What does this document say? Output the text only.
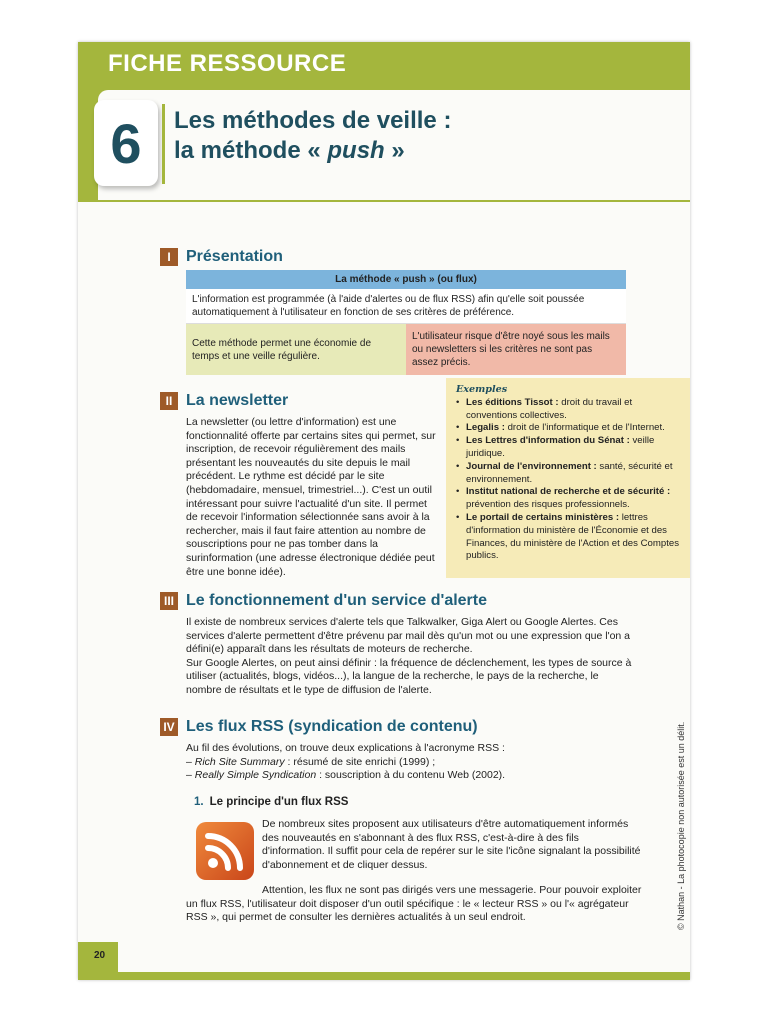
FICHE RESSOURCE
6	Les méthodes de veille :
la méthode « push »
I Présentation
La méthode « push » (ou flux)
L'information est programmée (à l'aide d'alertes ou de flux RSS) afin qu'elle soit poussée automatiquement à l'utilisateur en fonction de ses critères de préférence.
Cette méthode permet une économie de temps et une veille régulière.
L'utilisateur risque d'être noyé sous les mails ou newsletters si les critères ne sont pas assez précis.
II La newsletter
La newsletter (ou lettre d'information) est une fonctionnalité offerte par certains sites qui permet, sur inscription, de recevoir régulièrement des mails présentant les nouveautés du site depuis le mail précédent. Le rythme est décidé par le site (hebdomadaire, mensuel, trimestriel...). C'est un outil intéressant pour suivre l'actualité d'un site. Il permet de recevoir l'information sélectionnée sans avoir à la rechercher, mais il faut faire attention au nombre de souscriptions pour ne pas tomber dans la surinformation (une adresse électronique dédiée peut être une bonne idée).
Exemples
• Les éditions Tissot : droit du travail et conventions collectives.
• Legalis : droit de l'informatique et de l'Internet.
• Les Lettres d'information du Sénat : veille juridique.
• Journal de l'environnement : santé, sécurité et environnement.
• Institut national de recherche et de sécurité : prévention des risques professionnels.
• Le portail de certains ministères : lettres d'information du ministère de l'Économie et des Finances, du ministère de l'Action et des Comptes publics.
III Le fonctionnement d'un service d'alerte
Il existe de nombreux services d'alerte tels que Talkwalker, Giga Alert ou Google Alertes. Ces services d'alerte permettent d'être prévenu par mail dès qu'un mot ou une expression que l'on a défini(e) apparaît dans les résultats de moteurs de recherche.
Sur Google Alertes, on peut ainsi définir : la fréquence de déclenchement, les types de source à utiliser (actualités, blogs, vidéos...), la langue de la recherche, le pays de la recherche, le nombre de résultats et le type de diffusion de l'alerte.
IV Les flux RSS (syndication de contenu)
Au fil des évolutions, on trouve deux explications à l'acronyme RSS :
– Rich Site Summary : résumé de site enrichi (1999) ;
– Really Simple Syndication : souscription à du contenu Web (2002).
1. Le principe d'un flux RSS
De nombreux sites proposent aux utilisateurs d'être automatiquement informés des nouveautés en s'abonnant à des flux RSS, c'est-à-dire à des fils d'information. Il suffit pour cela de repérer sur le site l'icône signalant la possibilité d'abonnement et de cliquer dessus.
Attention, les flux ne sont pas dirigés vers une messagerie. Pour pouvoir exploiter un flux RSS, l'utilisateur doit disposer d'un outil spécifique : le « lecteur RSS » ou l'« agrégateur RSS », qui permet de consulter les dernières actualités à un seul endroit.
20
© Nathan - La photocopie non autorisée est un délit.
